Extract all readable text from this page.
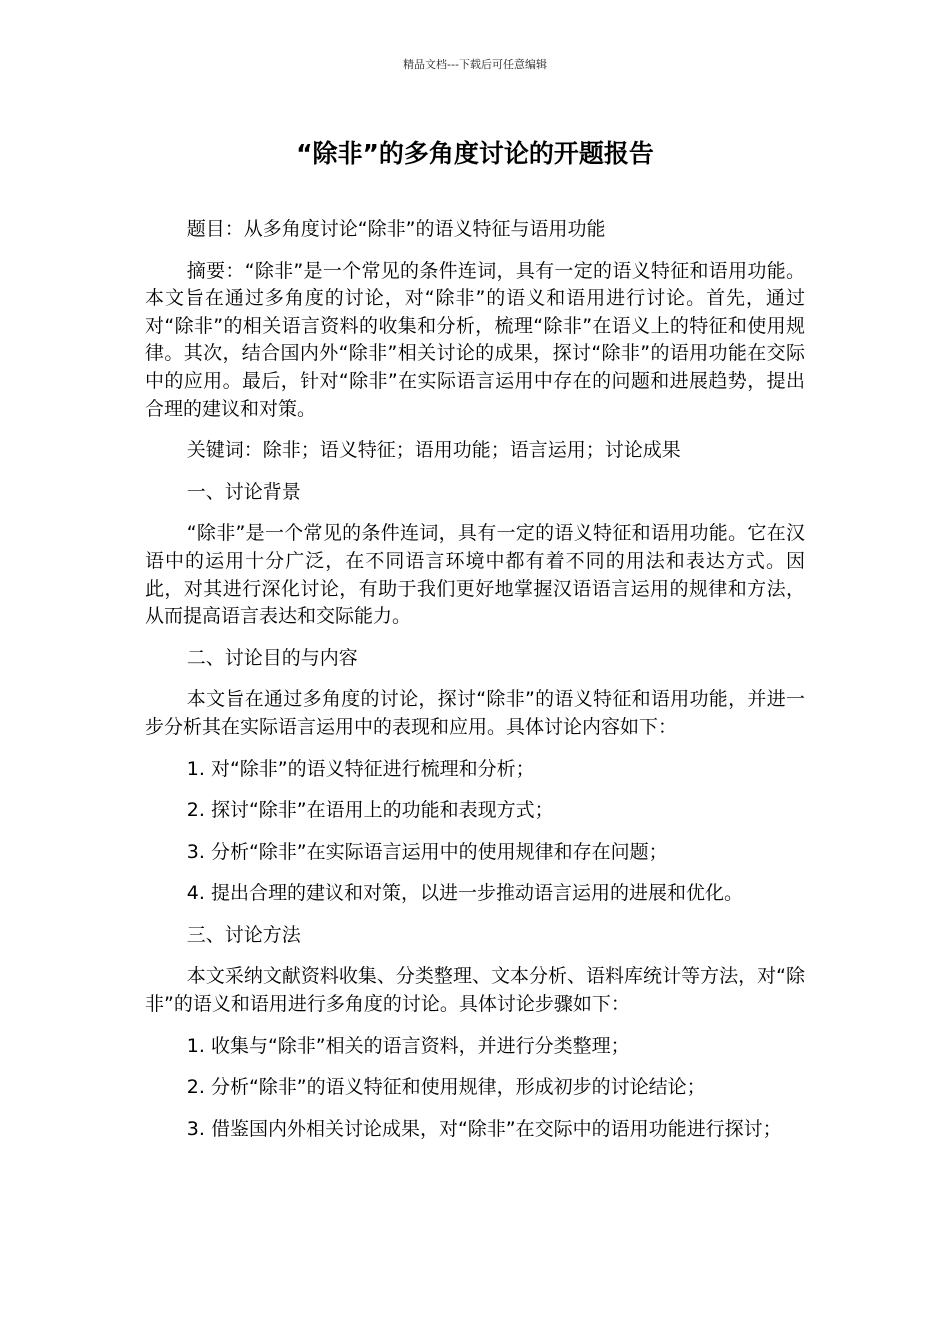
精品文档---下载后可任意编辑
“除非”的多角度讨论的开题报告

题目：从多角度讨论“除非”的语义特征与语用功能

摘要：“除非”是一个常见的条件连词，具有一定的语义特征和语用功能。本文旨在通过多角度的讨论，对“除非”的语义和语用进行讨论。首先，通过对“除非”的相关语言资料的收集和分析，梳理“除非”在语义上的特征和使用规律。其次，结合国内外“除非”相关讨论的成果，探讨“除非”的语用功能在交际中的应用。最后，针对“除非”在实际语言运用中存在的问题和进展趋势，提出合理的建议和对策。

关键词：除非；语义特征；语用功能；语言运用；讨论成果

一、讨论背景

“除非”是一个常见的条件连词，具有一定的语义特征和语用功能。它在汉语中的运用十分广泛，在不同语言环境中都有着不同的用法和表达方式。因此，对其进行深化讨论，有助于我们更好地掌握汉语语言运用的规律和方法，从而提高语言表达和交际能力。

二、讨论目的与内容

本文旨在通过多角度的讨论，探讨“除非”的语义特征和语用功能，并进一步分析其在实际语言运用中的表现和应用。具体讨论内容如下：

1. 对“除非”的语义特征进行梳理和分析；

2. 探讨“除非”在语用上的功能和表现方式；

3. 分析“除非”在实际语言运用中的使用规律和存在问题；

4. 提出合理的建议和对策，以进一步推动语言运用的进展和优化。

三、讨论方法

本文采纳文献资料收集、分类整理、文本分析、语料库统计等方法，对“除非”的语义和语用进行多角度的讨论。具体讨论步骤如下：

1. 收集与“除非”相关的语言资料，并进行分类整理；

2. 分析“除非”的语义特征和使用规律，形成初步的讨论结论；

3. 借鉴国内外相关讨论成果，对“除非”在交际中的语用功能进行探讨；
